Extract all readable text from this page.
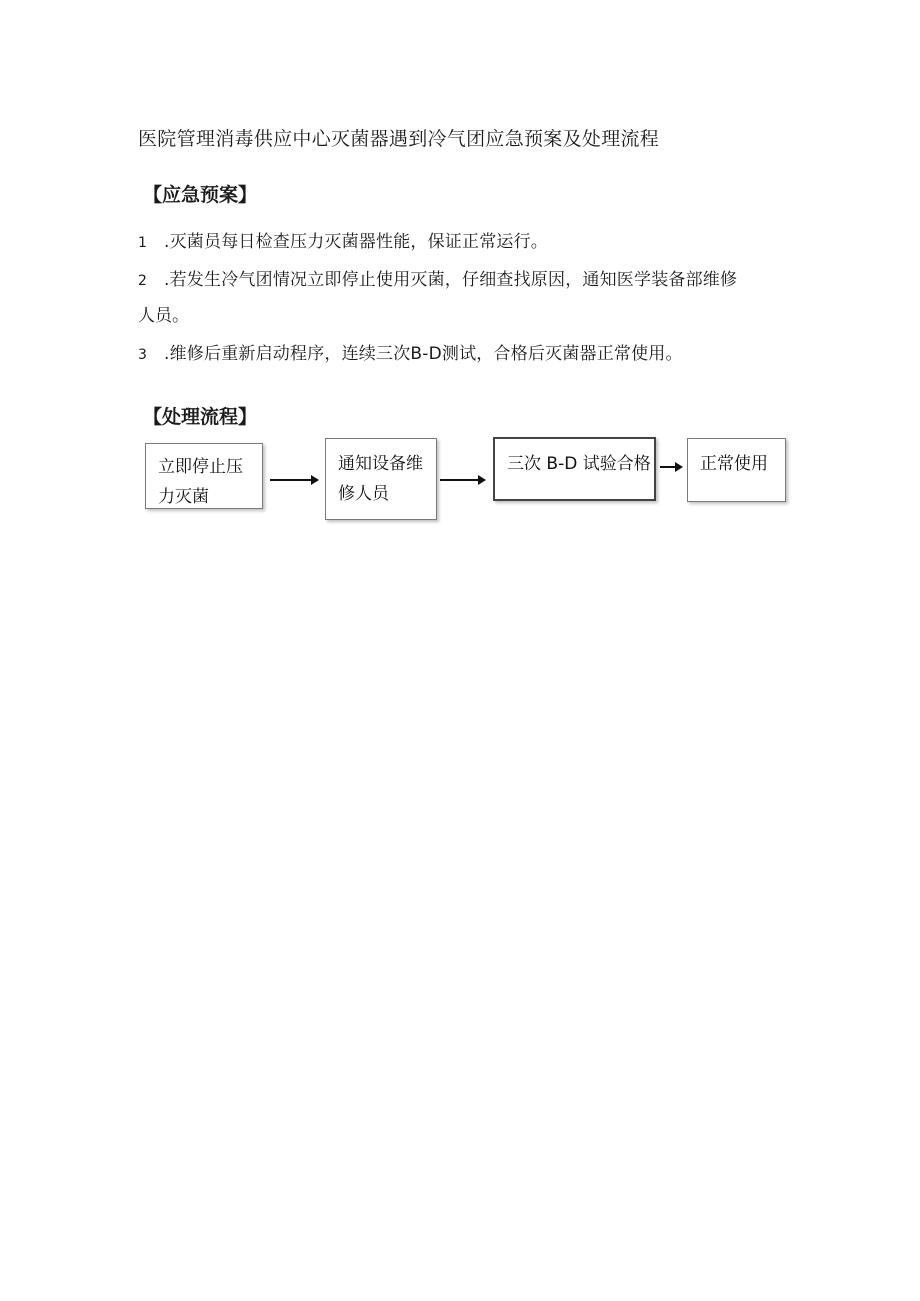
医院管理消毒供应中心灭菌器遇到冷气团应急预案及处理流程
【应急预案】
1 .灭菌员每日检查压力灭菌器性能，保证正常运行。
2 .若发生冷气团情况立即停止使用灭菌，仔细查找原因，通知医学装备部维修
人员。
3 .维修后重新启动程序，连续三次B-D测试，合格后灭菌器正常使用。
【处理流程】
立即停止压力灭菌
通知设备维修人员
三次 B-D 试验合格	正常使用
